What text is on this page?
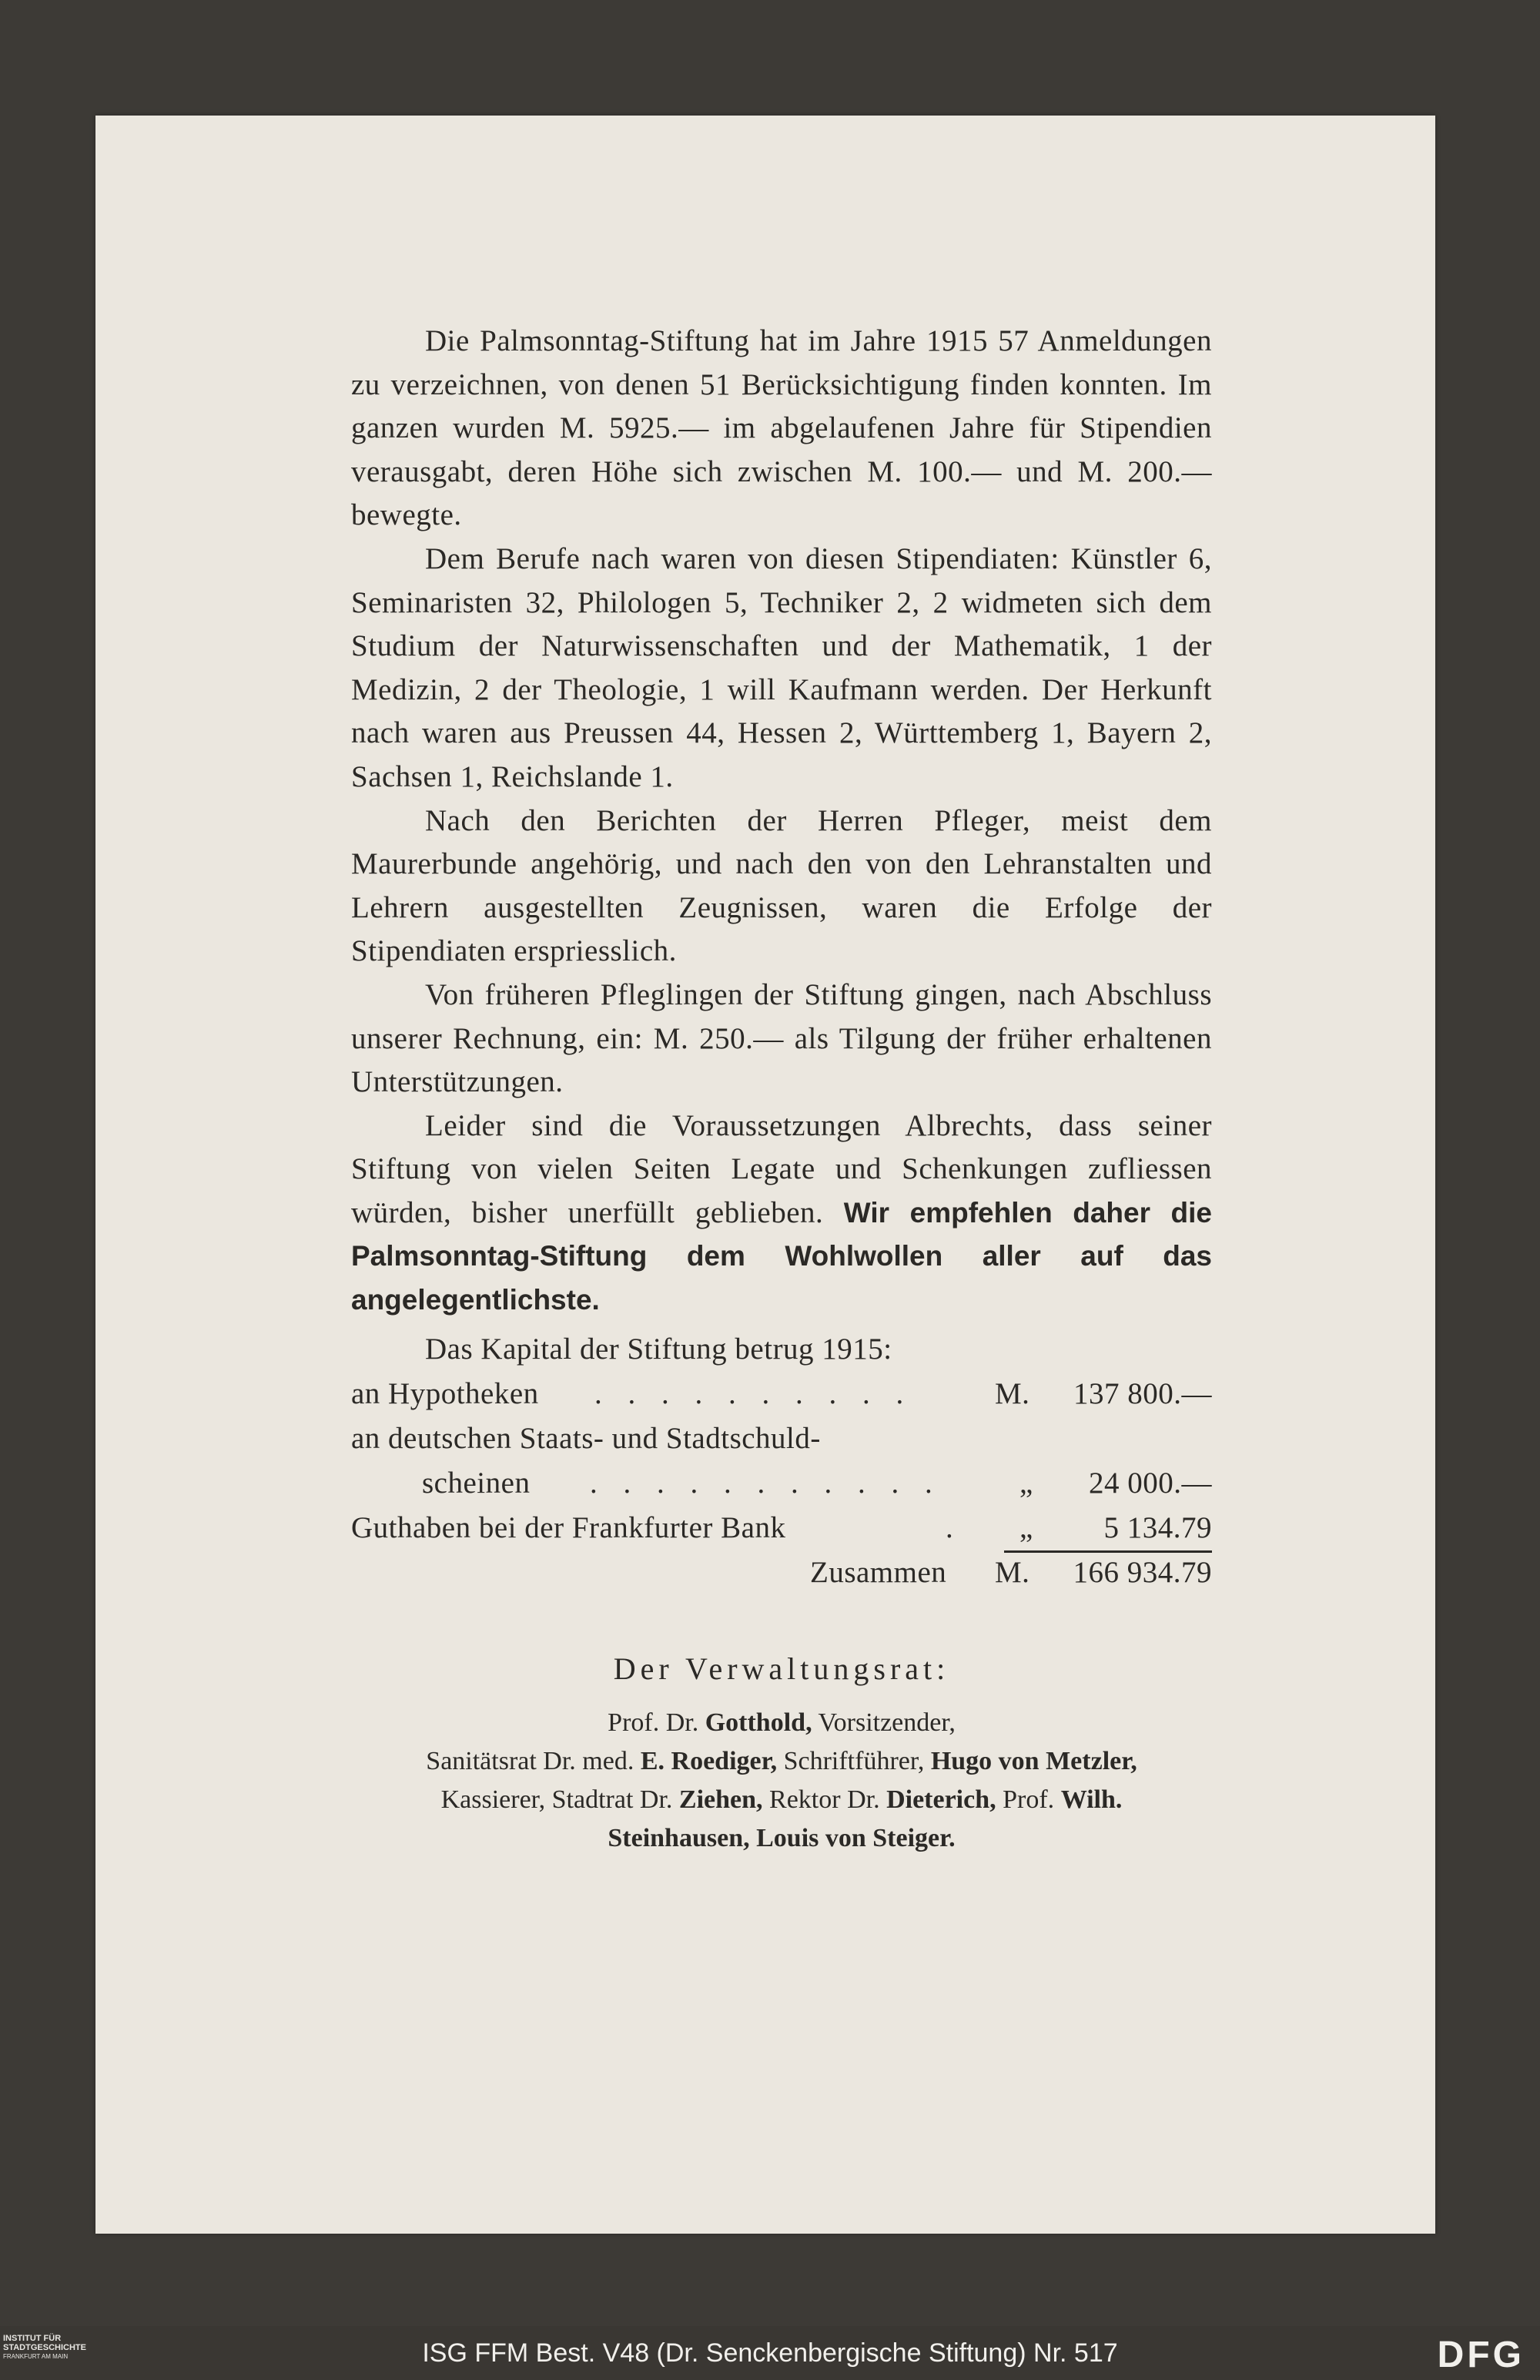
Die Palmsonntag-Stiftung hat im Jahre 1915 57 Anmeldungen zu verzeichnen, von denen 51 Berücksichtigung finden konnten. Im ganzen wurden M. 5925.— im abgelaufenen Jahre für Stipendien verausgabt, deren Höhe sich zwischen M. 100.— und M. 200.— bewegte.

Dem Berufe nach waren von diesen Stipendiaten: Künstler 6, Seminaristen 32, Philologen 5, Techniker 2, 2 widmeten sich dem Studium der Naturwissenschaften und der Mathematik, 1 der Medizin, 2 der Theologie, 1 will Kaufmann werden. Der Herkunft nach waren aus Preussen 44, Hessen 2, Württemberg 1, Bayern 2, Sachsen 1, Reichslande 1.

Nach den Berichten der Herren Pfleger, meist dem Maurerbunde angehörig, und nach den von den Lehranstalten und Lehrern ausgestellten Zeugnissen, waren die Erfolge der Stipendiaten erspriesslich.

Von früheren Pfleglingen der Stiftung gingen, nach Abschluss unserer Rechnung, ein: M. 250.— als Tilgung der früher erhaltenen Unterstützungen.

Leider sind die Voraussetzungen Albrechts, dass seiner Stiftung von vielen Seiten Legate und Schenkungen zufliessen würden, bisher unerfüllt geblieben. Wir empfehlen daher die Palmsonntag-Stiftung dem Wohlwollen aller auf das angelegentlichste.

Das Kapital der Stiftung betrug 1915:

an Hypotheken . . . . . . . . . .	M.	137 800.—
an deutschen Staats- und Stadtschuld-
scheinen . . . . . . . . . . .	„	24 000.—
Guthaben bei der Frankfurter Bank	. „	5 134.79
Zusammen M.	166 934.79
Der Verwaltungsrat:
Prof. Dr. Gotthold, Vorsitzender,
Sanitätsrat Dr. med. E. Roediger, Schriftführer, Hugo von Metzler,
Kassierer, Stadtrat Dr. Ziehen, Rektor Dr. Dieterich, Prof. Wilh.
Steinhausen, Louis von Steiger.
INSTITUT FÜR
STADTGESCHICHTE
FRANKFURT AM MAIN	ISG FFM Best. V48 (Dr. Senckenbergische Stiftung) Nr. 517	DFG
